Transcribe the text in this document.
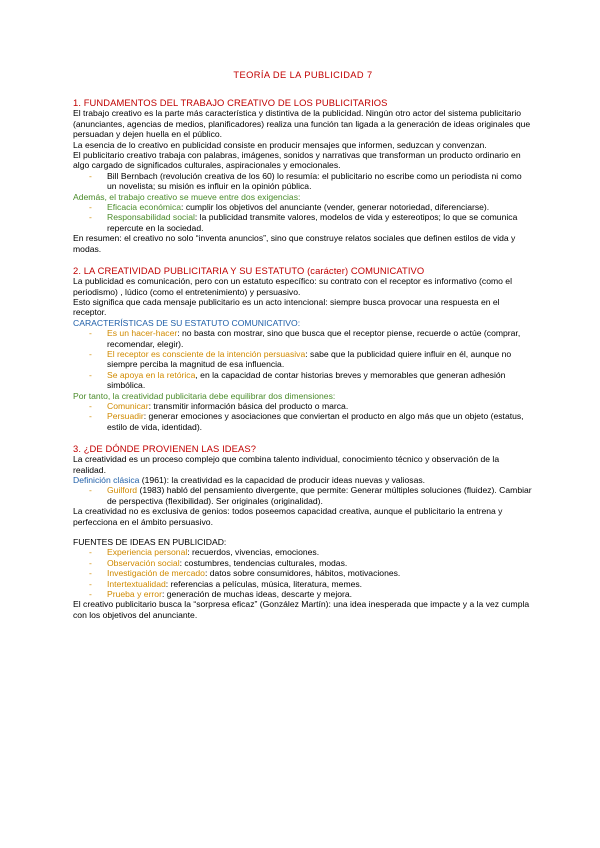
TEORÍA DE LA PUBLICIDAD 7
1. FUNDAMENTOS DEL TRABAJO CREATIVO DE LOS PUBLICITARIOS

El trabajo creativo es la parte más característica y distintiva de la publicidad. Ningún otro actor del sistema publicitario (anunciantes, agencias de medios, planificadores) realiza una función tan ligada a la generación de ideas originales que persuadan y dejen huella en el público.

La esencia de lo creativo en publicidad consiste en producir mensajes que informen, seduzcan y convenzan.

El publicitario creativo trabaja con palabras, imágenes, sonidos y narrativas que transforman un producto ordinario en algo cargado de significados culturales, aspiracionales y emocionales.

- Bill Bernbach (revolución creativa de los 60) lo resumía: el publicitario no escribe como un periodista ni como un novelista; su misión es influir en la opinión pública.

Además, el trabajo creativo se mueve entre dos exigencias:

- Eficacia económica: cumplir los objetivos del anunciante (vender, generar notoriedad, diferenciarse).
- Responsabilidad social: la publicidad transmite valores, modelos de vida y estereotipos; lo que se comunica repercute en la sociedad.

En resumen: el creativo no solo “inventa anuncios”, sino que construye relatos sociales que definen estilos de vida y modas.

2. LA CREATIVIDAD PUBLICITARIA Y SU ESTATUTO (carácter) COMUNICATIVO

La publicidad es comunicación, pero con un estatuto específico: su contrato con el receptor es informativo (como el periodismo) , lúdico (como el entretenimiento) y persuasivo.

Esto significa que cada mensaje publicitario es un acto intencional: siempre busca provocar una respuesta en el receptor.

CARACTERÍSTICAS DE SU ESTATUTO COMUNICATIVO:

- Es un hacer-hacer: no basta con mostrar, sino que busca que el receptor piense, recuerde o actúe (comprar, recomendar, elegir).
- El receptor es consciente de la intención persuasiva: sabe que la publicidad quiere influir en él, aunque no siempre perciba la magnitud de esa influencia.
- Se apoya en la retórica, en la capacidad de contar historias breves y memorables que generan adhesión simbólica.

Por tanto, la creatividad publicitaria debe equilibrar dos dimensiones:

- Comunicar: transmitir información básica del producto o marca.
- Persuadir: generar emociones y asociaciones que conviertan el producto en algo más que un objeto (estatus, estilo de vida, identidad).
3. ¿DE DÓNDE PROVIENEN LAS IDEAS?

La creatividad es un proceso complejo que combina talento individual, conocimiento técnico y observación de la realidad.

Definición clásica (1961): la creatividad es la capacidad de producir ideas nuevas y valiosas.

- Guilford (1983) habló del pensamiento divergente, que permite: Generar múltiples soluciones (fluidez). Cambiar de perspectiva (flexibilidad). Ser originales (originalidad).

La creatividad no es exclusiva de genios: todos poseemos capacidad creativa, aunque el publicitario la entrena y perfecciona en el ámbito persuasivo.

FUENTES DE IDEAS EN PUBLICIDAD:

- Experiencia personal: recuerdos, vivencias, emociones.
- Observación social: costumbres, tendencias culturales, modas.
- Investigación de mercado: datos sobre consumidores, hábitos, motivaciones.
- Intertextualidad: referencias a películas, música, literatura, memes.
- Prueba y error: generación de muchas ideas, descarte y mejora.

El creativo publicitario busca la “sorpresa eficaz” (González Martín): una idea inesperada que impacte y a la vez cumpla con los objetivos del anunciante.
